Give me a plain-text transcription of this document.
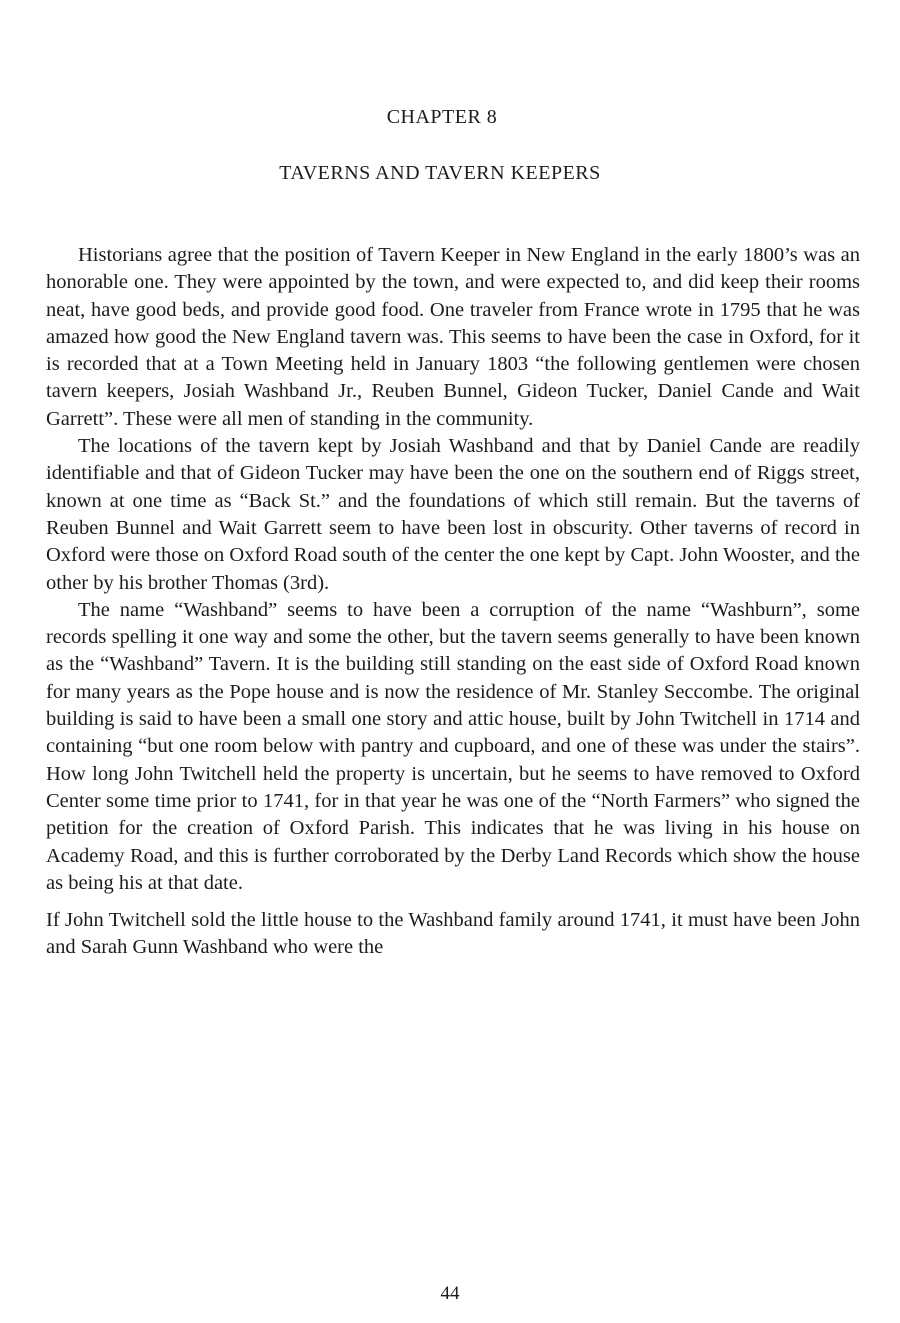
CHAPTER 8
TAVERNS AND TAVERN KEEPERS

Historians agree that the position of Tavern Keeper in New England in the early 1800’s was an honorable one. They were appointed by the town, and were expected to, and did keep their rooms neat, have good beds, and provide good food. One traveler from France wrote in 1795 that he was amazed how good the New England tavern was. This seems to have been the case in Oxford, for it is recorded that at a Town Meeting held in January 1803 “the following gentlemen were chosen tavern keepers, Josiah Washband Jr., Reuben Bunnel, Gideon Tucker, Daniel Cande and Wait Garrett”. These were all men of standing in the community.

The locations of the tavern kept by Josiah Washband and that by Daniel Cande are readily identifiable and that of Gideon Tucker may have been the one on the southern end of Riggs street, known at one time as “Back St.” and the foundations of which still remain. But the taverns of Reuben Bunnel and Wait Garrett seem to have been lost in obscurity. Other taverns of record in Oxford were those on Oxford Road south of the center the one kept by Capt. John Wooster, and the other by his brother Thomas (3rd).

The name “Washband” seems to have been a corruption of the name “Washburn”, some records spelling it one way and some the other, but the tavern seems generally to have been known as the “Washband” Tavern. It is the building still standing on the east side of Oxford Road known for many years as the Pope house and is now the residence of Mr. Stanley Seccombe. The original building is said to have been a small one story and attic house, built by John Twitchell in 1714 and containing “but one room below with pantry and cupboard, and one of these was under the stairs”. How long John Twitchell held the property is uncertain, but he seems to have removed to Oxford Center some time prior to 1741, for in that year he was one of the “North Farmers” who signed the petition for the creation of Oxford Parish. This indicates that he was living in his house on Academy Road, and this is further corroborated by the Derby Land Records which show the house as being his at that date.

If John Twitchell sold the little house to the Washband family around 1741, it must have been John and Sarah Gunn Washband who were the

44
